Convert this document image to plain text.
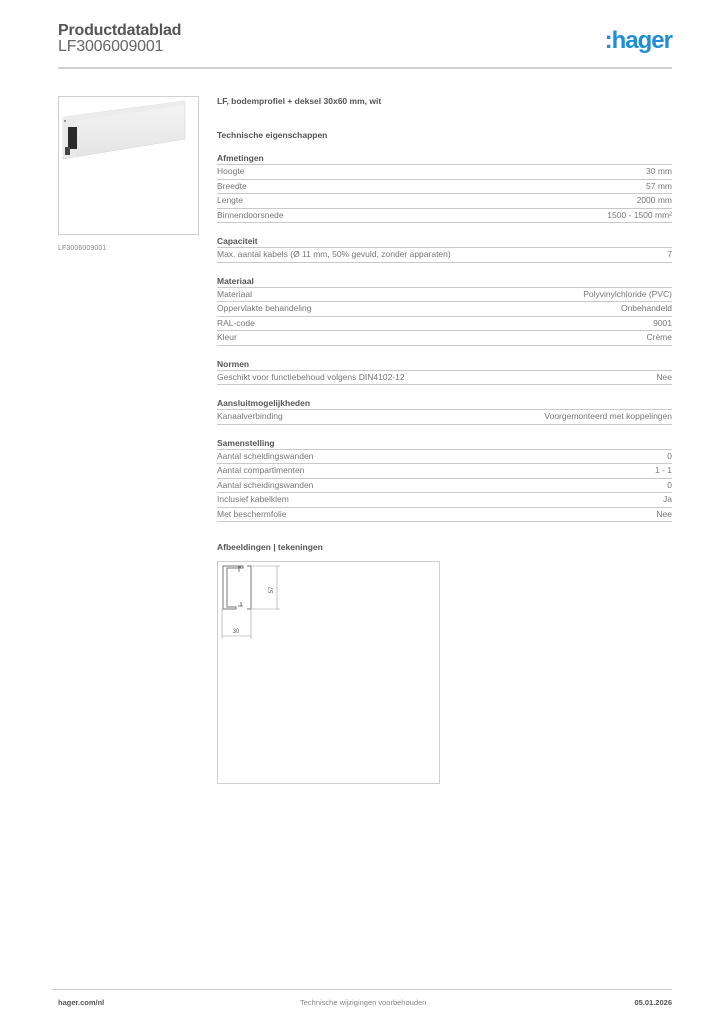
Productdatablad
LF3006009001	:hager
LF3006009001
LF, bodemprofiel + deksel 30x60 mm, wit
Technische eigenschappen
Afmetingen
Hoogte	30 mm
Breedte	57 mm
Lengte	2000 mm
Binnendoorsnede	1500 - 1500 mm²
Capaciteit
Max. aantal kabels (Ø 11 mm, 50% gevuld, zonder apparaten)	7
Materiaal
Materiaal	Polyvinylchloride (PVC)
Oppervlakte behandeling	Onbehandeld
RAL-code	9001
Kleur	Crème
Normen
Geschikt voor functiebehoud volgens DIN4102-12	Nee
Aansluitmogelijkheden
Kanaalverbinding	Voorgemonteerd met koppelingen
Samenstelling
Aantal scheidingswanden	0
Aantal compartimenten	1 - 1
Aantal scheidingswanden	0
Inclusief kabelklem	Ja
Met beschermfolie	Nee
Afbeeldingen | tekeningen
57
30
hager.com/nl	Technische wijzigingen voorbehouden	05.01.2026
